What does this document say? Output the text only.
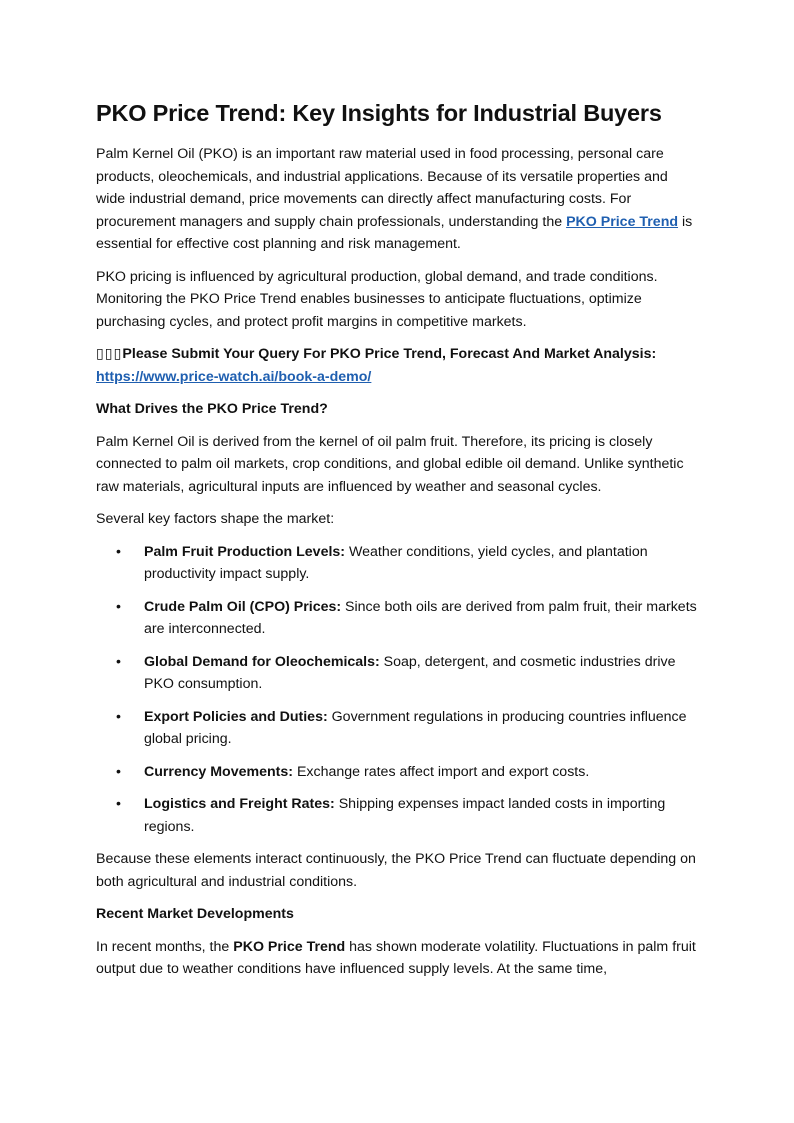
PKO Price Trend: Key Insights for Industrial Buyers

Palm Kernel Oil (PKO) is an important raw material used in food processing, personal care products, oleochemicals, and industrial applications. Because of its versatile properties and wide industrial demand, price movements can directly affect manufacturing costs. For procurement managers and supply chain professionals, understanding the PKO Price Trend is essential for effective cost planning and risk management.

PKO pricing is influenced by agricultural production, global demand, and trade conditions. Monitoring the PKO Price Trend enables businesses to anticipate fluctuations, optimize purchasing cycles, and protect profit margins in competitive markets.

▯▯▯Please Submit Your Query For PKO Price Trend, Forecast And Market Analysis:
https://www.price-watch.ai/book-a-demo/

What Drives the PKO Price Trend?

Palm Kernel Oil is derived from the kernel of oil palm fruit. Therefore, its pricing is closely connected to palm oil markets, crop conditions, and global edible oil demand. Unlike synthetic raw materials, agricultural inputs are influenced by weather and seasonal cycles.

Several key factors shape the market:

• Palm Fruit Production Levels: Weather conditions, yield cycles, and plantation productivity impact supply.
• Crude Palm Oil (CPO) Prices: Since both oils are derived from palm fruit, their markets are interconnected.
• Global Demand for Oleochemicals: Soap, detergent, and cosmetic industries drive PKO consumption.
• Export Policies and Duties: Government regulations in producing countries influence global pricing.
• Currency Movements: Exchange rates affect import and export costs.
• Logistics and Freight Rates: Shipping expenses impact landed costs in importing regions.

Because these elements interact continuously, the PKO Price Trend can fluctuate depending on both agricultural and industrial conditions.

Recent Market Developments

In recent months, the PKO Price Trend has shown moderate volatility. Fluctuations in palm fruit output due to weather conditions have influenced supply levels. At the same time,
